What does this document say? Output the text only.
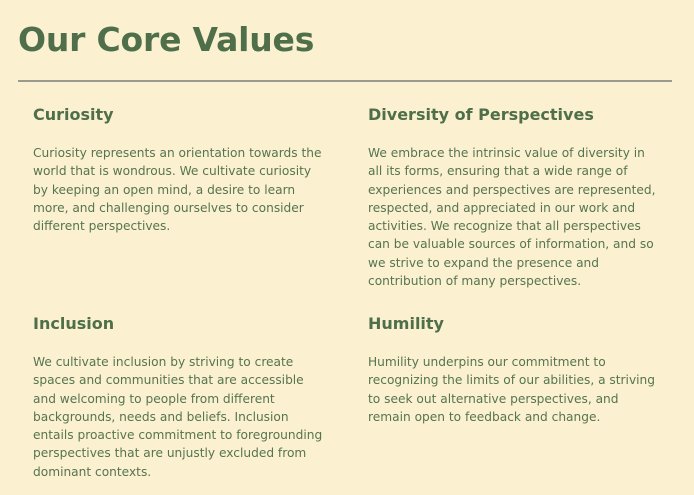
Our Core Values
Curiosity

Curiosity represents an orientation towards the world that is wondrous. We cultivate curiosity by keeping an open mind, a desire to learn more, and challenging ourselves to consider different perspectives.

Diversity of Perspectives

We embrace the intrinsic value of diversity in all its forms, ensuring that a wide range of experiences and perspectives are represented, respected, and appreciated in our work and activities. We recognize that all perspectives can be valuable sources of information, and so we strive to expand the presence and contribution of many perspectives.

Inclusion

We cultivate inclusion by striving to create spaces and communities that are accessible and welcoming to people from different backgrounds, needs and beliefs. Inclusion entails proactive commitment to foregrounding perspectives that are unjustly excluded from dominant contexts.

Humility

Humility underpins our commitment to recognizing the limits of our abilities, a striving to seek out alternative perspectives, and remain open to feedback and change.
